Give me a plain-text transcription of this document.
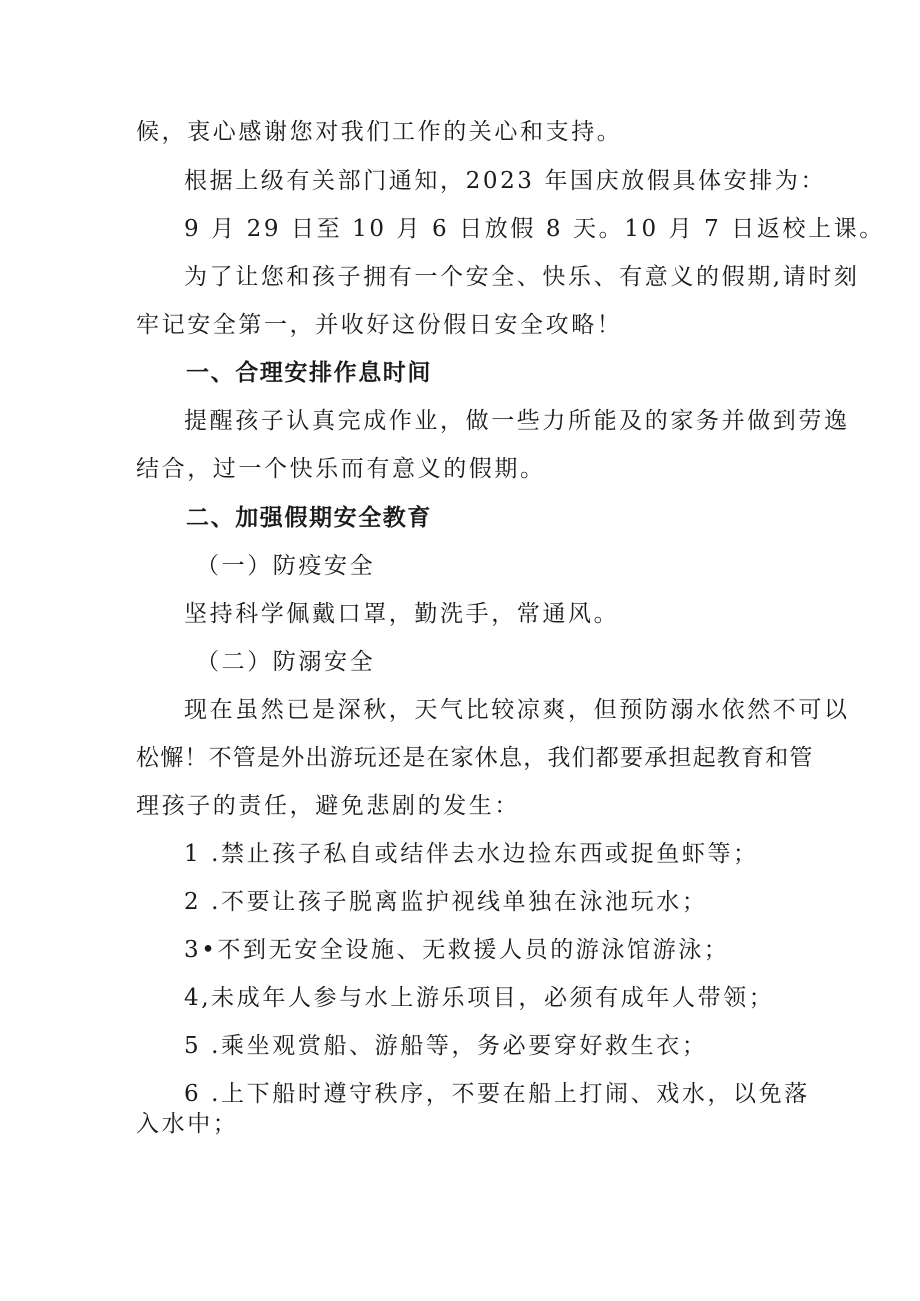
候，衷心感谢您对我们工作的关心和支持。
根据上级有关部门通知，2023 年国庆放假具体安排为：
9 月 29 日至 10 月 6 日放假 8 天。10 月 7 日返校上课。
为了让您和孩子拥有一个安全、快乐、有意义的假期,请时刻
牢记安全第一，并收好这份假日安全攻略！
一、合理安排作息时间
提醒孩子认真完成作业，做一些力所能及的家务并做到劳逸
结合，过一个快乐而有意义的假期。
二、加强假期安全教育
（一）防疫安全
坚持科学佩戴口罩，勤洗手，常通风。
（二）防溺安全
现在虽然已是深秋，天气比较凉爽，但预防溺水依然不可以
松懈！不管是外出游玩还是在家休息，我们都要承担起教育和管
理孩子的责任，避免悲剧的发生：
1 .禁止孩子私自或结伴去水边捡东西或捉鱼虾等；
2 .不要让孩子脱离监护视线单独在泳池玩水；
3•不到无安全设施、无救援人员的游泳馆游泳；
4,未成年人参与水上游乐项目，必须有成年人带领；
5 .乘坐观赏船、游船等，务必要穿好救生衣；
6 .上下船时遵守秩序，不要在船上打闹、戏水，以免落
入水中；
